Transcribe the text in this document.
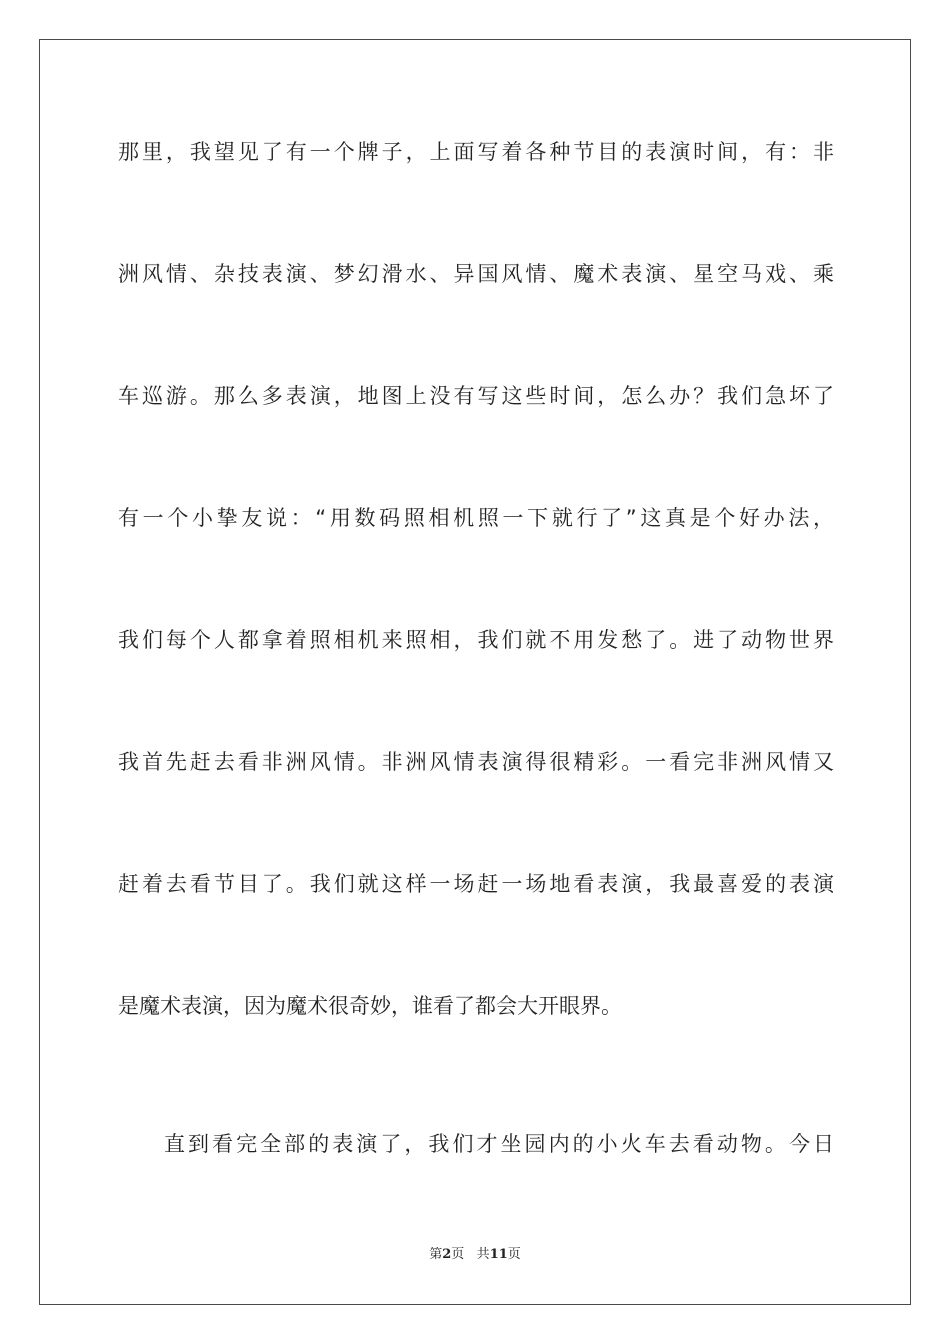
那里，我望见了有一个牌子，上面写着各种节目的表演时间，有：非
洲风情、杂技表演、梦幻滑水、异国风情、魔术表演、星空马戏、乘
车巡游。那么多表演，地图上没有写这些时间，怎么办？我们急坏了
有一个小挚友说：“用数码照相机照一下就行了”这真是个好办法，
我们每个人都拿着照相机来照相，我们就不用发愁了。进了动物世界
我首先赶去看非洲风情。非洲风情表演得很精彩。一看完非洲风情又
赶着去看节目了。我们就这样一场赶一场地看表演，我最喜爱的表演
是魔术表演，因为魔术很奇妙，谁看了都会大开眼界。
直到看完全部的表演了，我们才坐园内的小火车去看动物。今日
第2页 共11页
